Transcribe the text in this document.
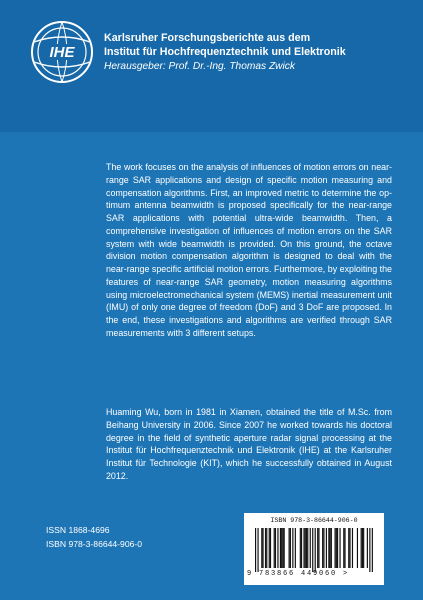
IHE
Karlsruher Forschungsberichte aus dem
Institut für Hochfrequenztechnik und Elektronik
Herausgeber: Prof. Dr.-Ing. Thomas Zwick
The work focuses on the analysis of influences of motion errors on near-range SAR applications and design of specific motion measuring and compensation algorithms. First, an improved metric to determine the optimum antenna beamwidth is proposed specifically for the near-range SAR applications with potential ultra-wide beamwidth. Then, a comprehensive investigation of influences of motion errors on the SAR system with wide beamwidth is provided. On this ground, the octave division motion compensation algorithm is designed to deal with the near-range specific artificial motion errors. Furthermore, by exploiting the features of near-range SAR geometry, motion measuring algorithms using microelectromechanical system (MEMS) inertial measurement unit (IMU) of only one degree of freedom (DoF) and 3 DoF are proposed. In the end, these investigations and algorithms are verified through SAR measurements with 3 different setups.
Huaming Wu, born in 1981 in Xiamen, obtained the title of M.Sc. from Beihang University in 2006. Since 2007 he worked towards his doctoral degree in the field of synthetic aperture radar signal processing at the Institut für Hochfrequenztechnik und Elektronik (IHE) at the Karlsruher Institut für Technologie (KIT), which he successfully obtained in August 2012.
ISSN 1868-4696
ISBN 978-3-86644-906-0
ISBN 978-3-86644-906-0
9 783866 449060 >
